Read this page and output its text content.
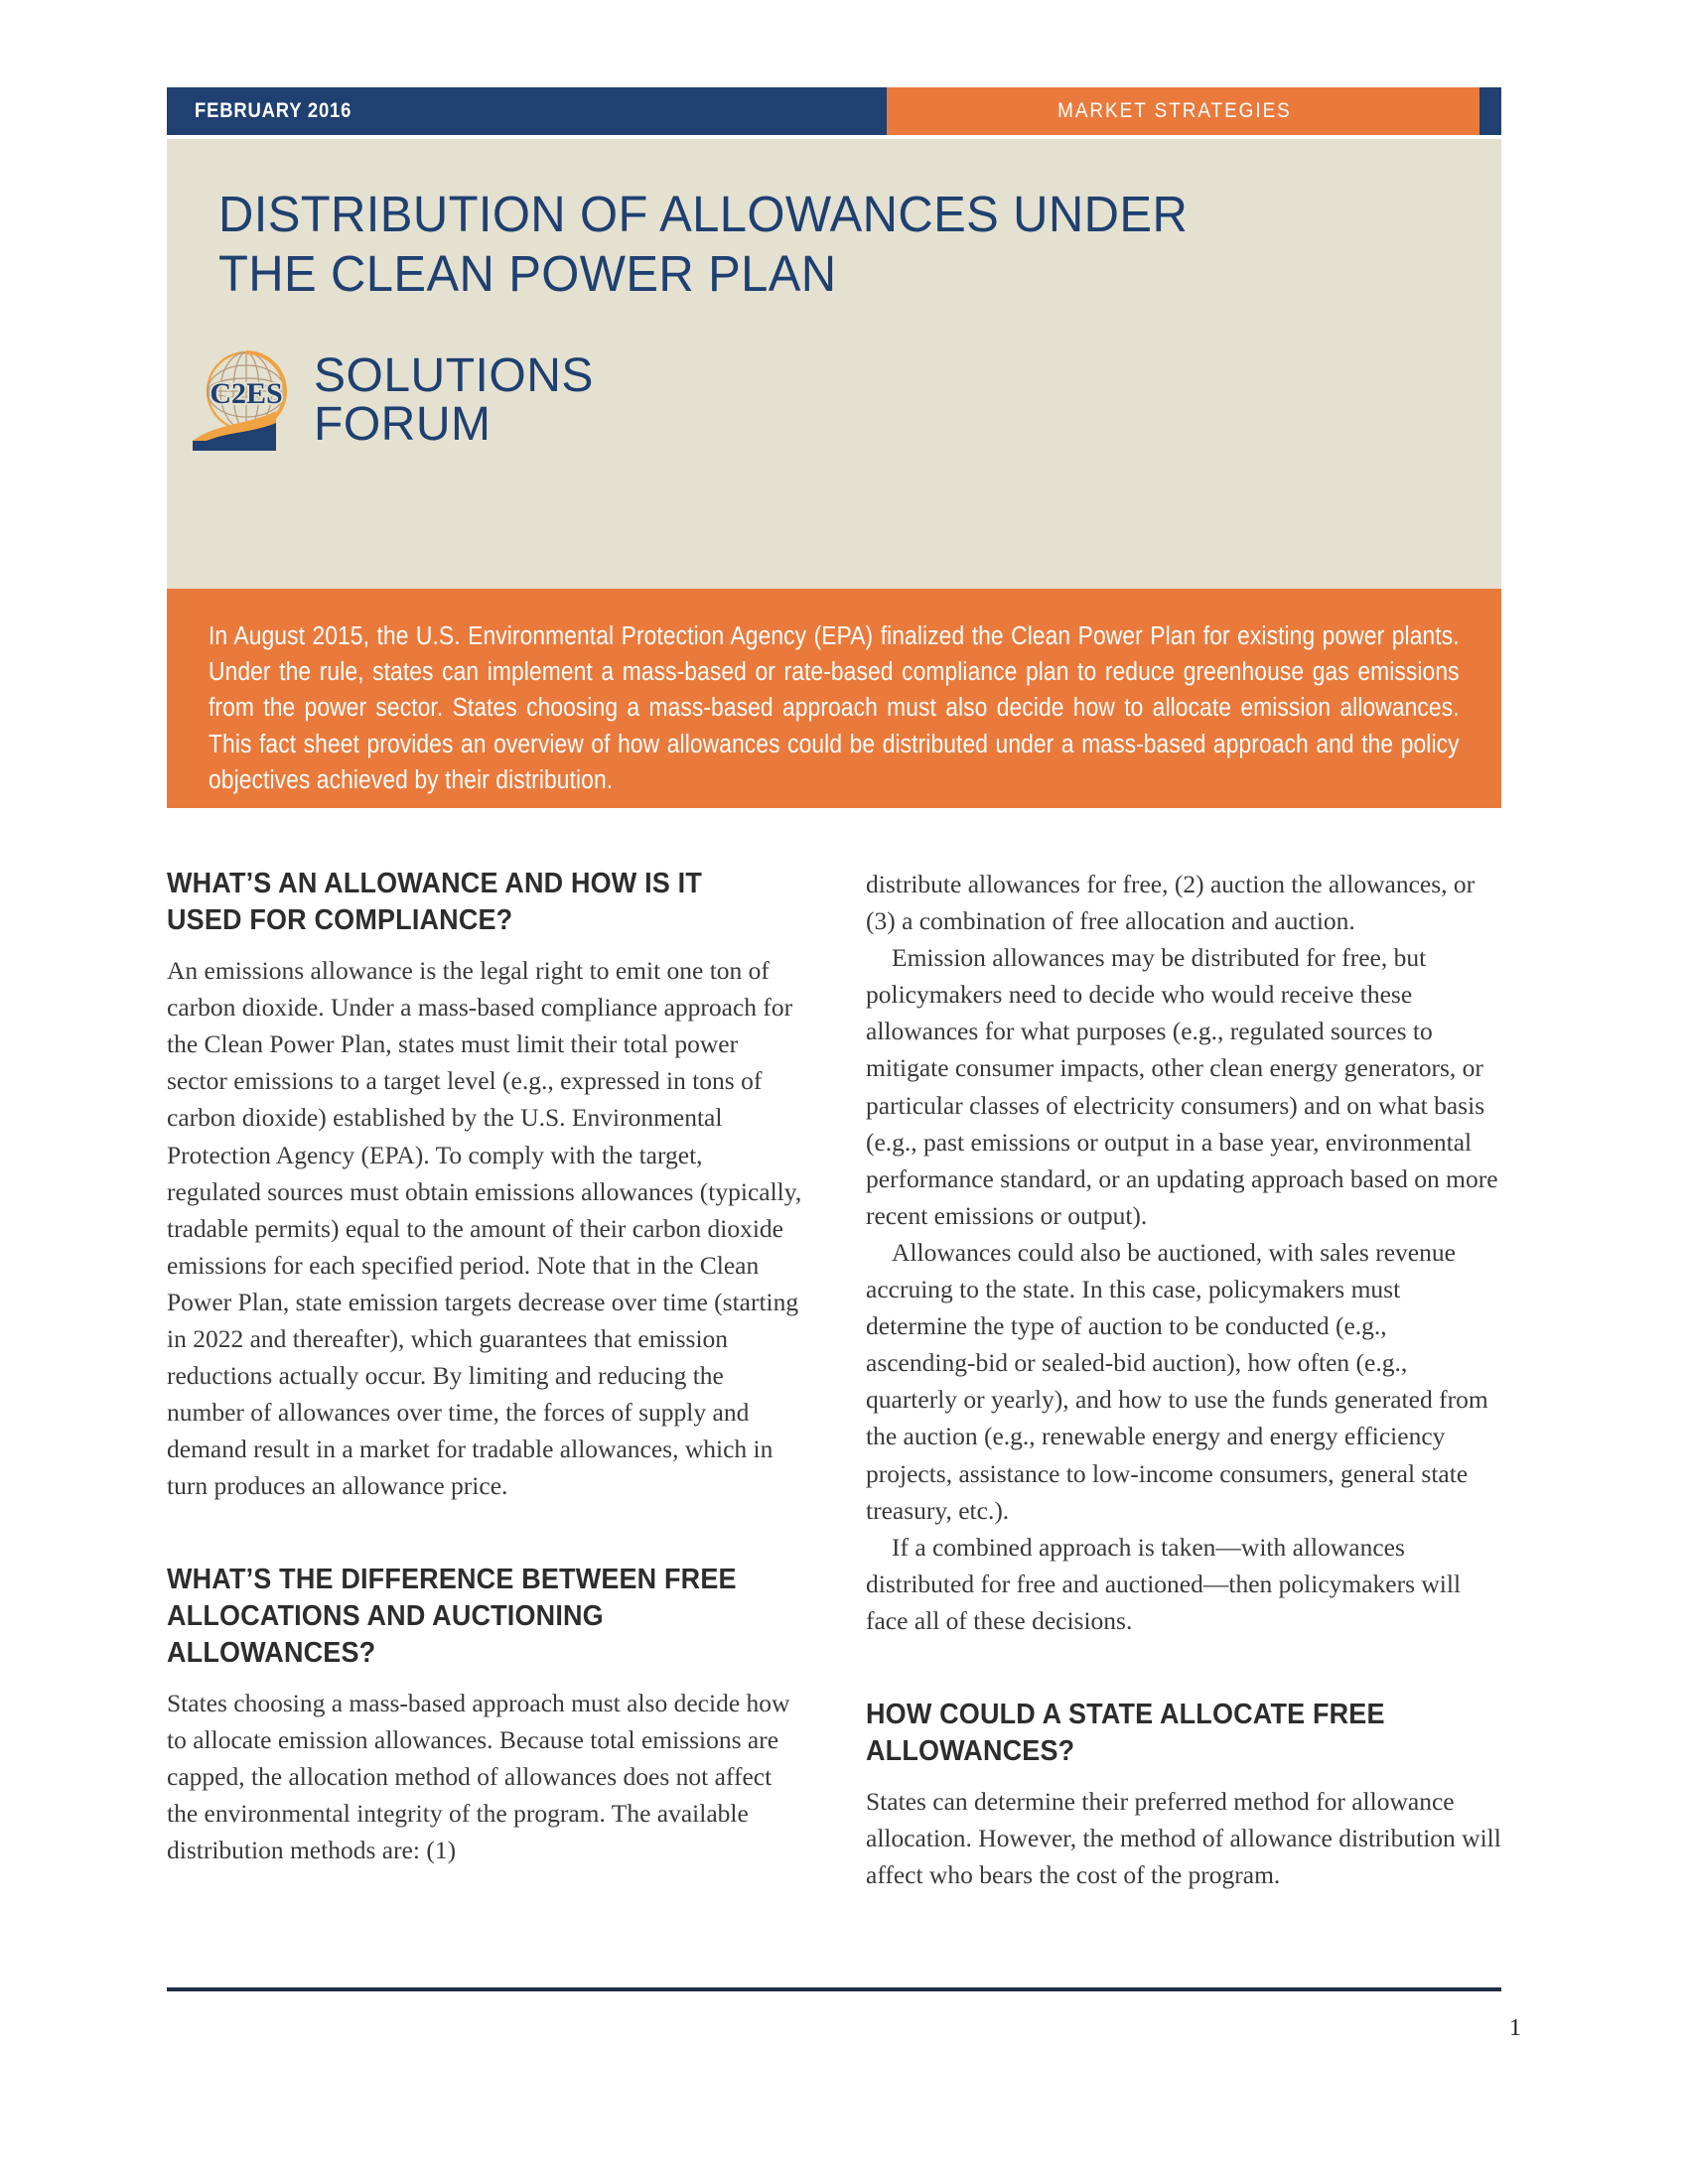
FEBRUARY 2016	MARKET STRATEGIES
DISTRIBUTION OF ALLOWANCES UNDER
THE CLEAN POWER PLAN
C2ES SOLUTIONS
FORUM

In August 2015, the U.S. Environmental Protection Agency (EPA) finalized the Clean Power Plan for existing power plants. Under the rule, states can implement a mass-based or rate-based compliance plan to reduce greenhouse gas emissions from the power sector. States choosing a mass-based approach must also decide how to allocate emission allowances. This fact sheet provides an overview of how allowances could be distributed under a mass-based approach and the policy objectives achieved by their distribution.

WHAT’S AN ALLOWANCE AND HOW IS IT USED FOR COMPLIANCE?

An emissions allowance is the legal right to emit one ton of carbon dioxide. Under a mass-based compliance approach for the Clean Power Plan, states must limit their total power sector emissions to a target level (e.g., expressed in tons of carbon dioxide) established by the U.S. Environmental Protection Agency (EPA). To comply with the target, regulated sources must obtain emissions allowances (typically, tradable permits) equal to the amount of their carbon dioxide emissions for each specified period. Note that in the Clean Power Plan, state emission targets decrease over time (starting in 2022 and thereafter), which guarantees that emission reductions actually occur. By limiting and reducing the number of allowances over time, the forces of supply and demand result in a market for tradable allowances, which in turn produces an allowance price.

WHAT’S THE DIFFERENCE BETWEEN FREE ALLOCATIONS AND AUCTIONING ALLOWANCES?

States choosing a mass-based approach must also decide how to allocate emission allowances. Because total emissions are capped, the allocation method of allowances does not affect the environmental integrity of the program. The available distribution methods are: (1)

distribute allowances for free, (2) auction the allowances, or (3) a combination of free allocation and auction.

Emission allowances may be distributed for free, but policymakers need to decide who would receive these allowances for what purposes (e.g., regulated sources to mitigate consumer impacts, other clean energy generators, or particular classes of electricity consumers) and on what basis (e.g., past emissions or output in a base year, environmental performance standard, or an updating approach based on more recent emissions or output).

Allowances could also be auctioned, with sales revenue accruing to the state. In this case, policymakers must determine the type of auction to be conducted (e.g., ascending-bid or sealed-bid auction), how often (e.g., quarterly or yearly), and how to use the funds generated from the auction (e.g., renewable energy and energy efficiency projects, assistance to low-income consumers, general state treasury, etc.).

If a combined approach is taken—with allowances distributed for free and auctioned—then policymakers will face all of these decisions.

HOW COULD A STATE ALLOCATE FREE ALLOWANCES?

States can determine their preferred method for allowance allocation. However, the method of allowance distribution will affect who bears the cost of the program.

1
